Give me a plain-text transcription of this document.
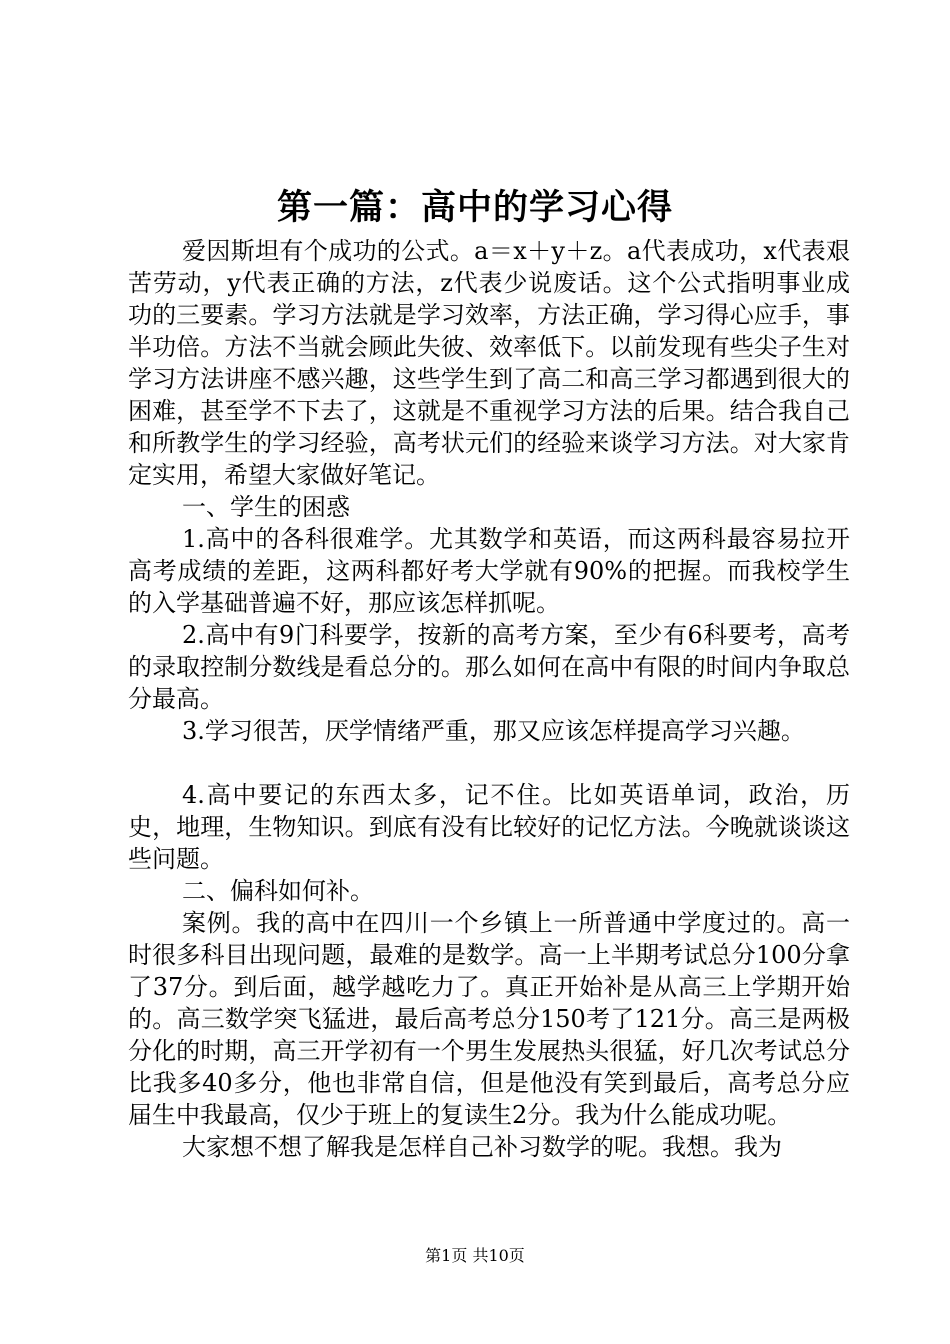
第一篇：高中的学习心得

爱因斯坦有个成功的公式。a＝x＋y＋z。a代表成功，x代表艰苦劳动，y代表正确的方法，z代表少说废话。这个公式指明事业成功的三要素。学习方法就是学习效率，方法正确，学习得心应手，事半功倍。方法不当就会顾此失彼、效率低下。以前发现有些尖子生对学习方法讲座不感兴趣，这些学生到了高二和高三学习都遇到很大的困难，甚至学不下去了，这就是不重视学习方法的后果。结合我自己和所教学生的学习经验，高考状元们的经验来谈学习方法。对大家肯定实用，希望大家做好笔记。

一、学生的困惑

1.高中的各科很难学。尤其数学和英语，而这两科最容易拉开高考成绩的差距，这两科都好考大学就有90%的把握。而我校学生的入学基础普遍不好，那应该怎样抓呢。

2.高中有9门科要学，按新的高考方案，至少有6科要考，高考的录取控制分数线是看总分的。那么如何在高中有限的时间内争取总分最高。

3.学习很苦，厌学情绪严重，那又应该怎样提高学习兴趣。

4.高中要记的东西太多，记不住。比如英语单词，政治，历史，地理，生物知识。到底有没有比较好的记忆方法。今晚就谈谈这些问题。

二、偏科如何补。

案例。我的高中在四川一个乡镇上一所普通中学度过的。高一时很多科目出现问题，最难的是数学。高一上半期考试总分100分拿了37分。到后面，越学越吃力了。真正开始补是从高三上学期开始的。高三数学突飞猛进，最后高考总分150考了121分。高三是两极分化的时期，高三开学初有一个男生发展热头很猛，好几次考试总分比我多40多分，他也非常自信，但是他没有笑到最后，高考总分应届生中我最高，仅少于班上的复读生2分。我为什么能成功呢。

大家想不想了解我是怎样自己补习数学的呢。我想。我为

第1页 共10页
